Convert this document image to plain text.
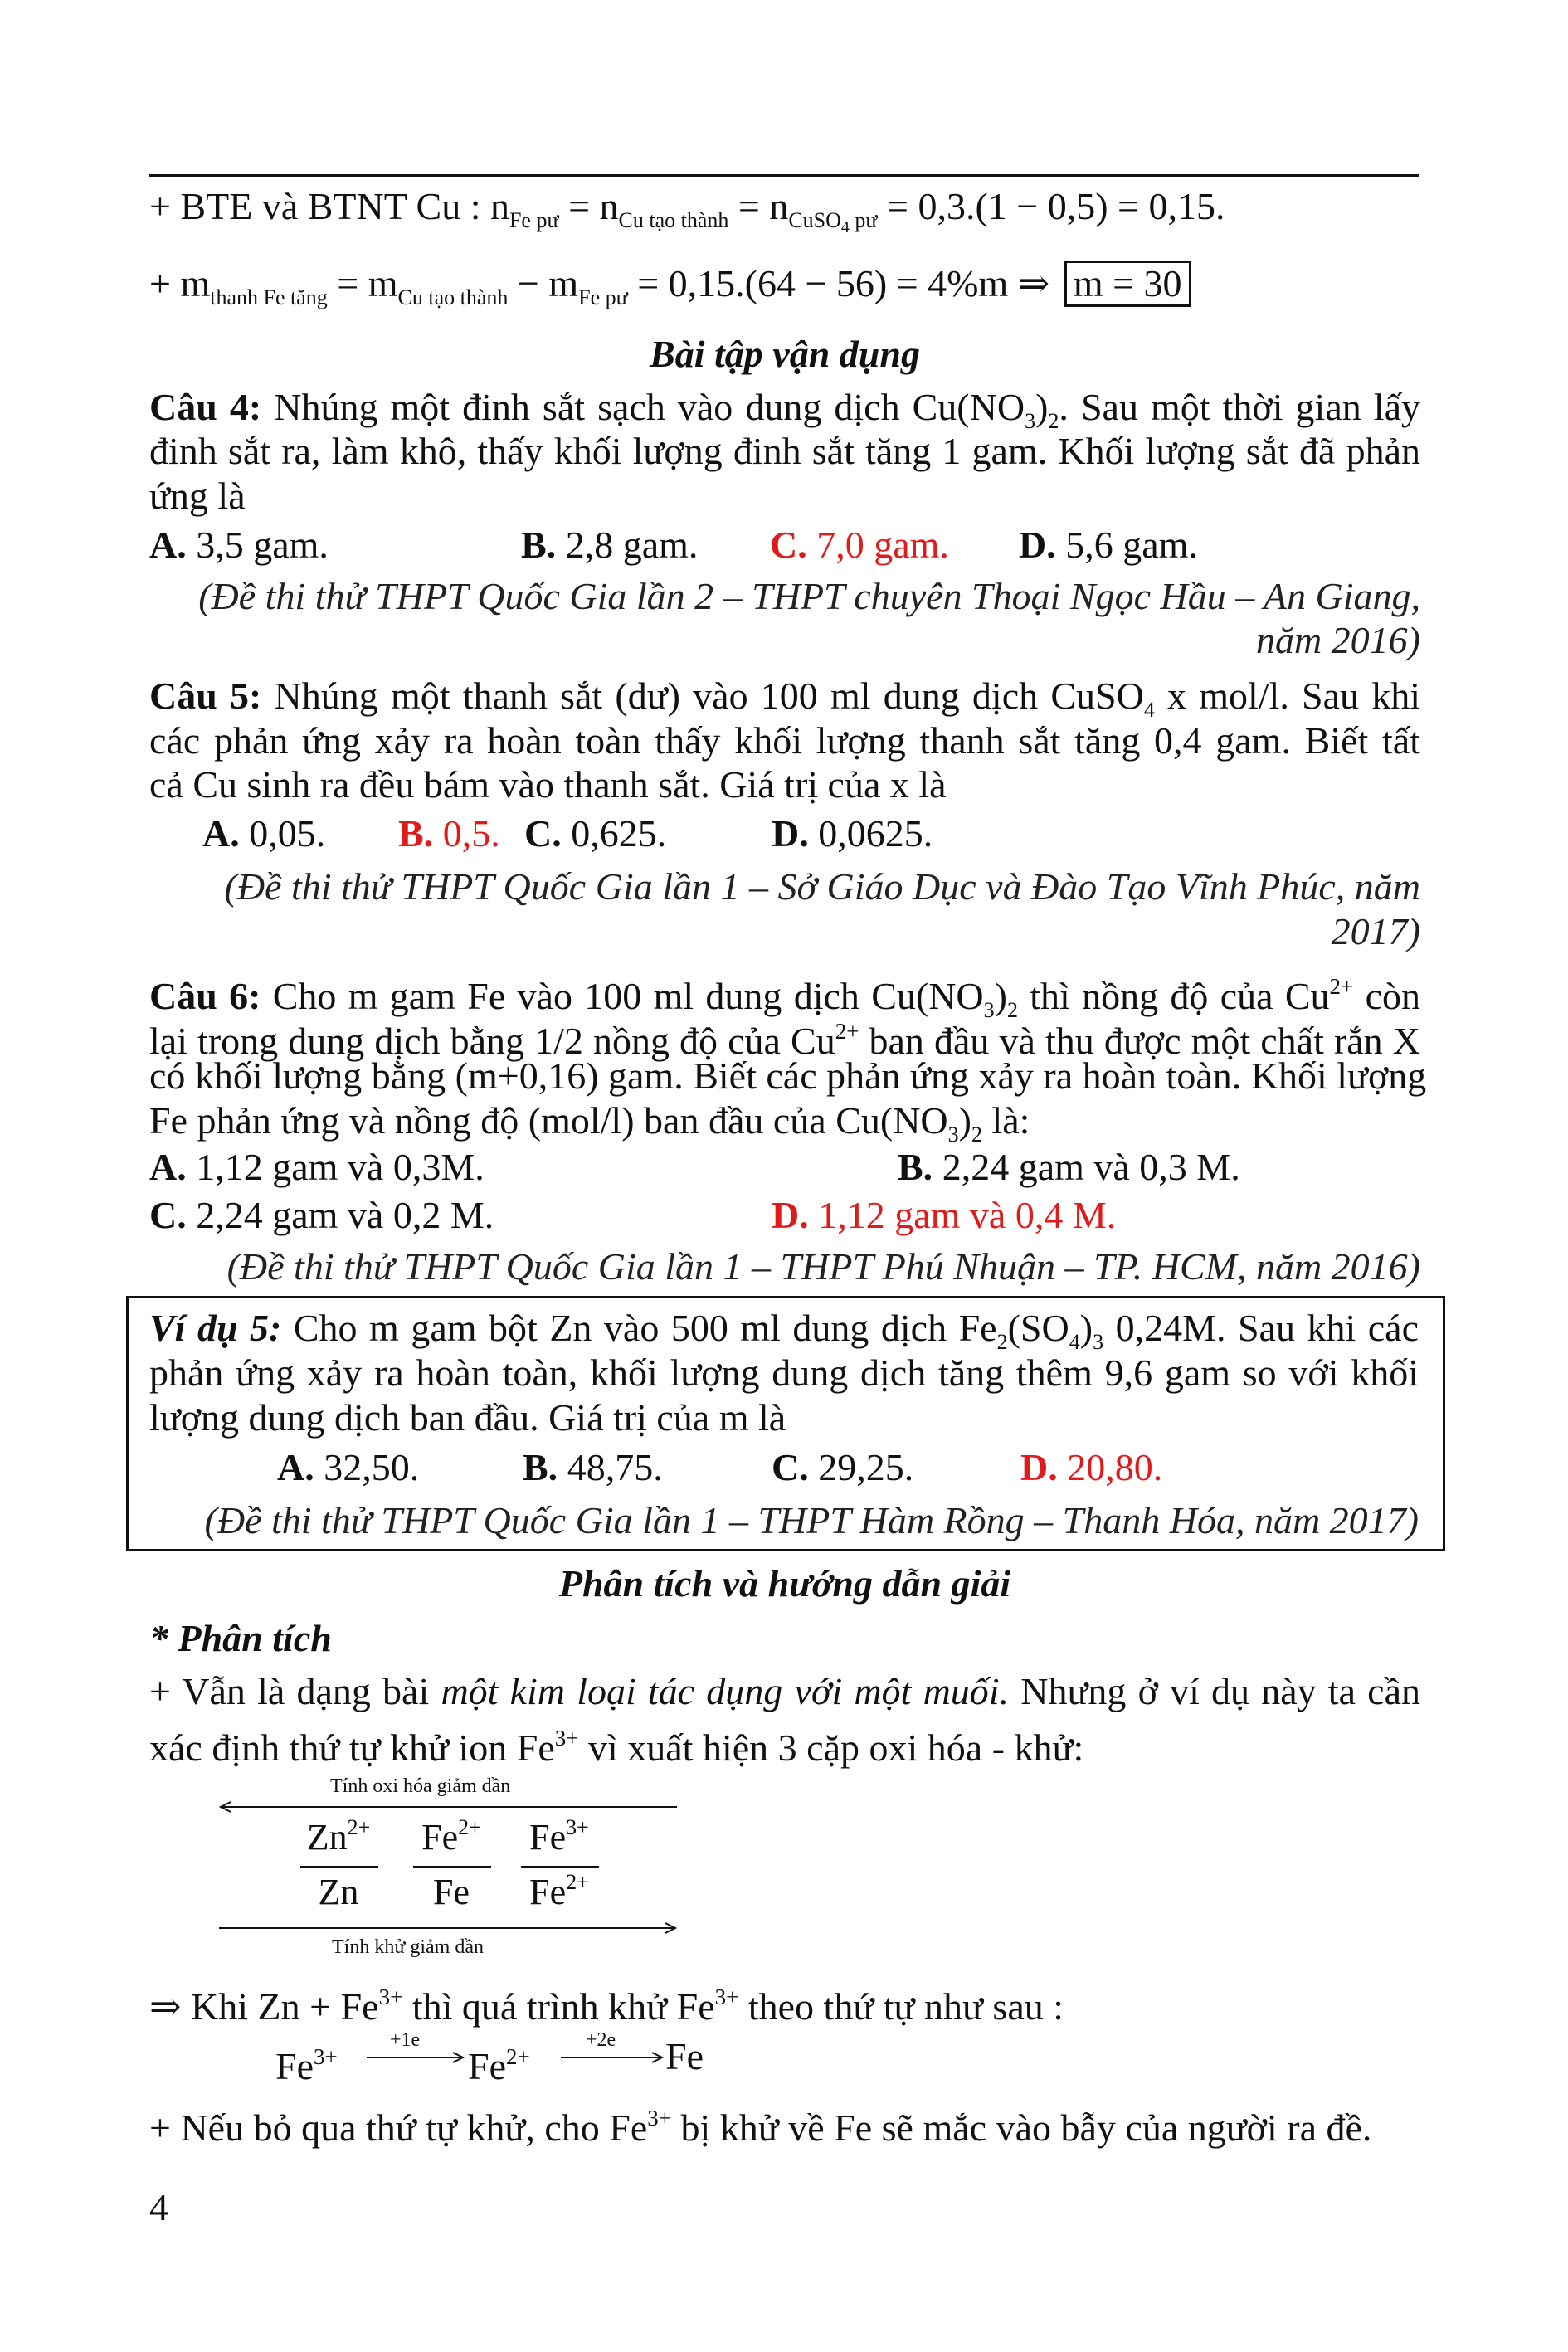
+ BTE và BTNT Cu : $n_{Fe pư} = n_{Cu tạo thành} = n_{CuSO4}$ $_{pư}$ = 0,3.(1 − 0,5) = 0,15.
+ $m_{thanh Fe tăng} = m_{Cu tạo thành} - m_{Fe pư} = 0,15.(64 - 56) = 4\%m$ ⇒ m = 30
Bài tập vận dụng
Câu 4: Nhúng một đinh sắt sạch vào dung dịch $Cu(NO_3)_2$. Sau một thời gian lấy
đinh sắt ra, làm khô, thấy khối lượng đinh sắt tăng 1 gam. Khối lượng sắt đã phản
ứng là
A. 3,5 gam.	B. 2,8 gam. C. 7,0 gam. D. 5,6 gam.
(Đề thi thử THPT Quốc Gia lần 2 – THPT chuyên Thoại Ngọc Hầu – An Giang,
năm 2016)
Câu 5: Nhúng một thanh sắt (dư) vào 100 ml dung dịch CuSO$_4$ x mol/l. Sau khi
các phản ứng xảy ra hoàn toàn thấy khối lượng thanh sắt tăng 0,4 gam. Biết tất
cả Cu sinh ra đều bám vào thanh sắt. Giá trị của x là
A. 0,05. B. 0,5. C. 0,625.	D. 0,0625.
(Đề thi thử THPT Quốc Gia lần 1 – Sở Giáo Dục và Đào Tạo Vĩnh Phúc, năm
2017)
Câu 6: Cho m gam Fe vào 100 ml dung dịch $Cu(NO_3)_2$ thì nồng độ của $Cu^{2+}$ còn
lại trong dung dịch bằng 1/2 nồng độ của $Cu^{2+}$ ban đầu và thu được một chất rắn X
có khối lượng bằng (m+0,16) gam. Biết các phản ứng xảy ra hoàn toàn. Khối lượng
Fe phản ứng và nồng độ (mol/l) ban đầu của $Cu(NO_3)_2$ là:
A. 1,12 gam và 0,3M.	B. 2,24 gam và 0,3 M.
C. 2,24 gam và 0,2 M.	D. 1,12 gam và 0,4 M.
(Đề thi thử THPT Quốc Gia lần 1 – THPT Phú Nhuận – TP. HCM, năm 2016)
Ví dụ 5: Cho m gam bột Zn vào 500 ml dung dịch $Fe_2(SO_4)_3$ 0,24M. Sau khi các
phản ứng xảy ra hoàn toàn, khối lượng dung dịch tăng thêm 9,6 gam so với khối
lượng dung dịch ban đầu. Giá trị của m là
A. 32,50.	B. 48,75.	C. 29,25.	D. 20,80.
(Đề thi thử THPT Quốc Gia lần 1 – THPT Hàm Rồng – Thanh Hóa, năm 2017)
Phân tích và hướng dẫn giải
* Phân tích
+ Vẫn là dạng bài một kim loại tác dụng với một muối. Nhưng ở ví dụ này ta cần
xác định thứ tự khử ion $Fe^{3+}$ vì xuất hiện 3 cặp oxi hóa - khử:
Tính oxi hóa giảm dần
$Zn^{2+}$
Zn
$Fe^{2+}$
Fe
$Fe^{3+}$
$Fe^{2+}$
Tính khử giảm dần
⇒ Khi $Zn + Fe^{3+}$ thì quá trình khử $Fe^{3+}$ theo thứ tự như sau :
$Fe^{3+}$
+1e
$Fe^{2+}$
+2e Fe
+ Nếu bỏ qua thứ tự khử, cho $Fe^{3+}$ bị khử về Fe sẽ mắc vào bẫy của người ra đề.
4
